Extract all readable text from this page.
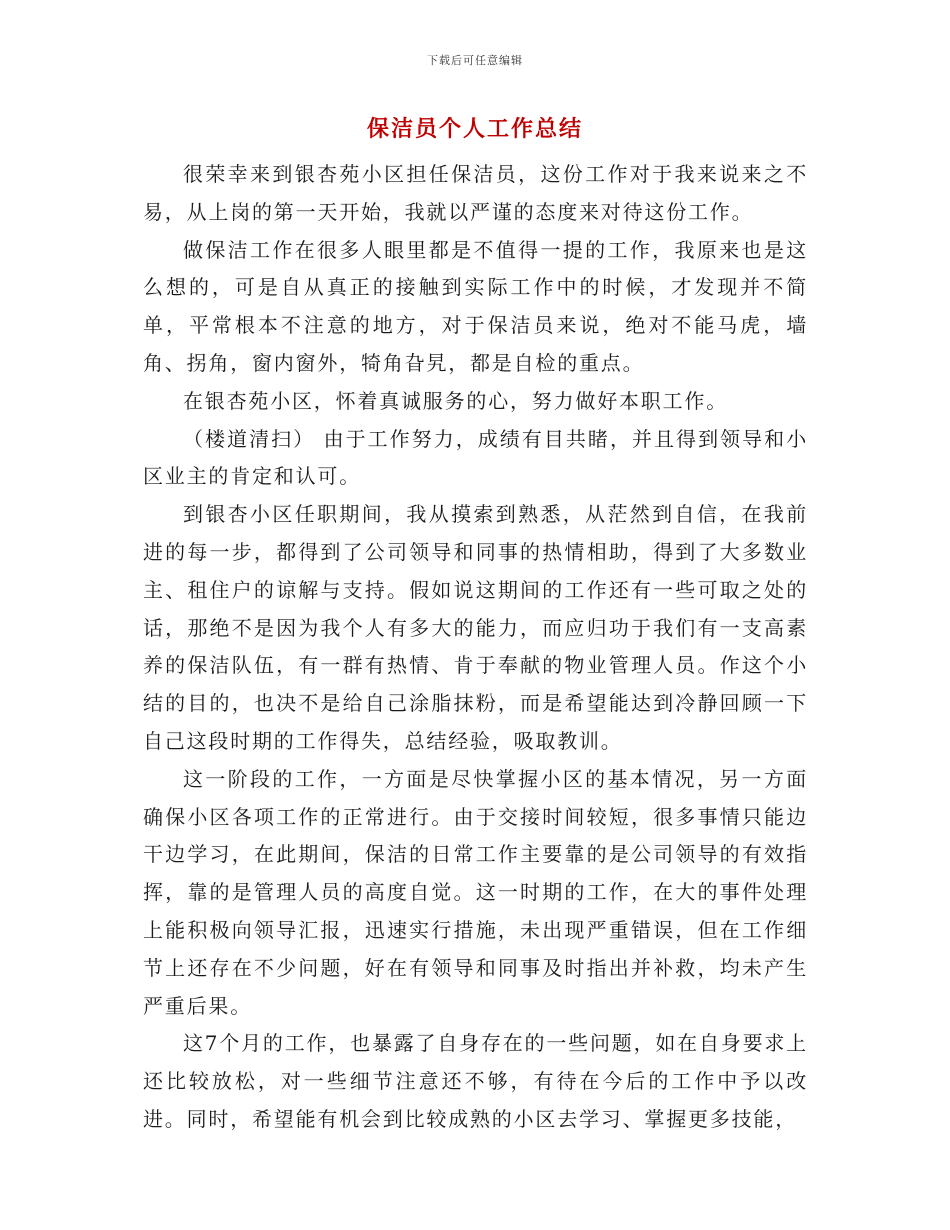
下载后可任意编辑
保洁员个人工作总结

很荣幸来到银杏苑小区担任保洁员，这份工作对于我来说来之不易，从上岗的第一天开始，我就以严谨的态度来对待这份工作。

做保洁工作在很多人眼里都是不值得一提的工作，我原来也是这么想的，可是自从真正的接触到实际工作中的时候，才发现并不简单，平常根本不注意的地方，对于保洁员来说，绝对不能马虎，墙角、拐角，窗内窗外，犄角旮旯，都是自检的重点。

在银杏苑小区，怀着真诚服务的心，努力做好本职工作。

（楼道清扫） 由于工作努力，成绩有目共睹，并且得到领导和小区业主的肯定和认可。

到银杏小区任职期间，我从摸索到熟悉，从茫然到自信，在我前进的每一步，都得到了公司领导和同事的热情相助，得到了大多数业主、租住户的谅解与支持。假如说这期间的工作还有一些可取之处的话，那绝不是因为我个人有多大的能力，而应归功于我们有一支高素养的保洁队伍，有一群有热情、肯于奉献的物业管理人员。作这个小结的目的，也决不是给自己涂脂抹粉，而是希望能达到冷静回顾一下自己这段时期的工作得失，总结经验，吸取教训。

这一阶段的工作，一方面是尽快掌握小区的基本情况，另一方面确保小区各项工作的正常进行。由于交接时间较短，很多事情只能边干边学习，在此期间，保洁的日常工作主要靠的是公司领导的有效指挥，靠的是管理人员的高度自觉。这一时期的工作，在大的事件处理上能积极向领导汇报，迅速实行措施，未出现严重错误，但在工作细节上还存在不少问题，好在有领导和同事及时指出并补救，均未产生严重后果。

这7个月的工作，也暴露了自身存在的一些问题，如在自身要求上还比较放松，对一些细节注意还不够，有待在今后的工作中予以改进。同时，希望能有机会到比较成熟的小区去学习、掌握更多技能，
